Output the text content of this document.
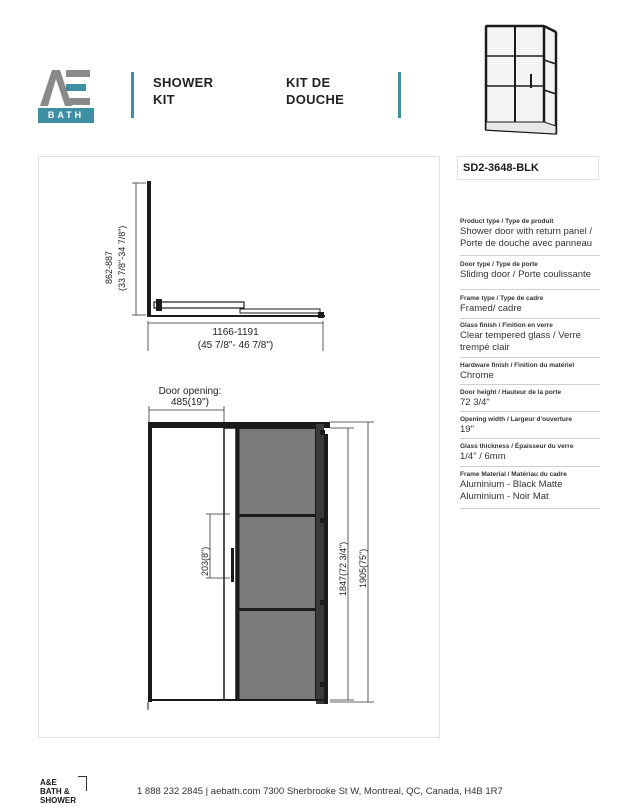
BATH
SHOWER
KIT
KIT DE
DOUCHE
862-887 (33 7/8"-34 7/8")
1166-1191
(45 7/8"- 46 7/8")
Door opening:
485(19")
203(8")	1847(72 3/4") 1905(75")
SD2-3648-BLK
Product type / Type de produit
Shower door with return panel / Porte de douche avec panneau
Door type / Type de porte
Sliding door / Porte coulissante
Frame type / Type de cadre
Framed/ cadre
Glass finish / Finition en verre
Clear tempered glass / Verre trempé clair
Hardware finish / Finition du matériel
Chrome
Door height / Hauteur de la porte
72 3/4"
Opening width / Largeur d'ouverture
19"
Glass thickness / Épaisseur du verre
1/4" / 6mm
Frame Material / Matériau du cadre
Aluminium - Black Matte
Aluminium - Noir Mat
A&E
BATH &
SHOWER
1 888 232 2845 | aebath.com 7300 Sherbrooke St W, Montreal, QC, Canada, H4B 1R7
